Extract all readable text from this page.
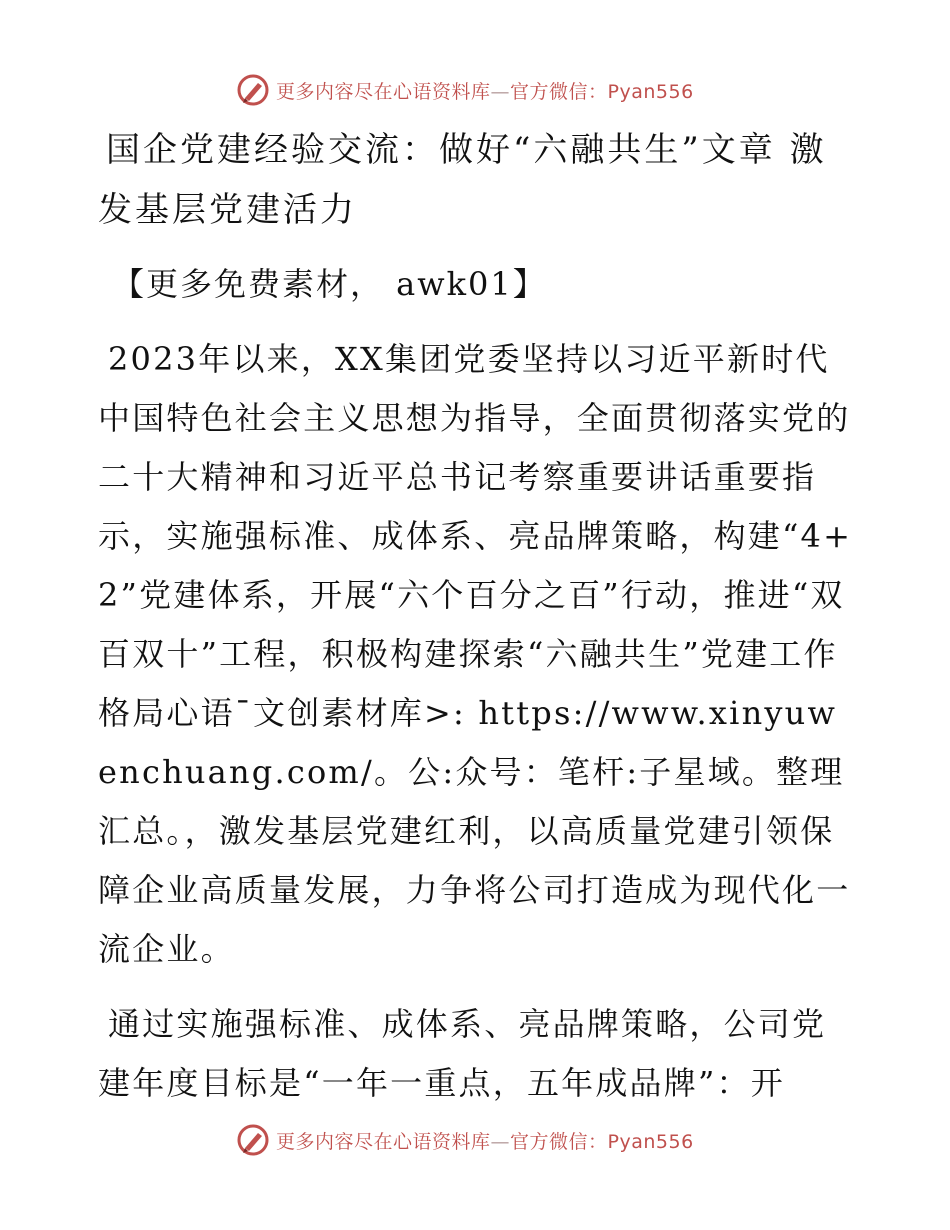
更多内容尽在心语资料库—官方微信：Pyan556
国企党建经验交流：做好“六融共生”文章 激发基层党建活力
【更多免费素材， awk01】

2023年以来，XX集团党委坚持以习近平新时代中国特色社会主义思想为指导，全面贯彻落实党的二十大精神和习近平总书记考察重要讲话重要指示，实施强标准、成体系、亮品牌策略，构建“4+2”党建体系，开展“六个百分之百”行动，推进“双百双十”工程，积极构建探索“六融共生”党建工作格局心语¯文创素材库>: https://www.xinyuwenchuang.com/。公:众号：笔杆:子星域。整理汇总。，激发基层党建红利，以高质量党建引领保障企业高质量发展，力争将公司打造成为现代化一流企业。

通过实施强标准、成体系、亮品牌策略，公司党建年度目标是“一年一重点，五年成品牌”：开

更多内容尽在心语资料库—官方微信：Pyan556
